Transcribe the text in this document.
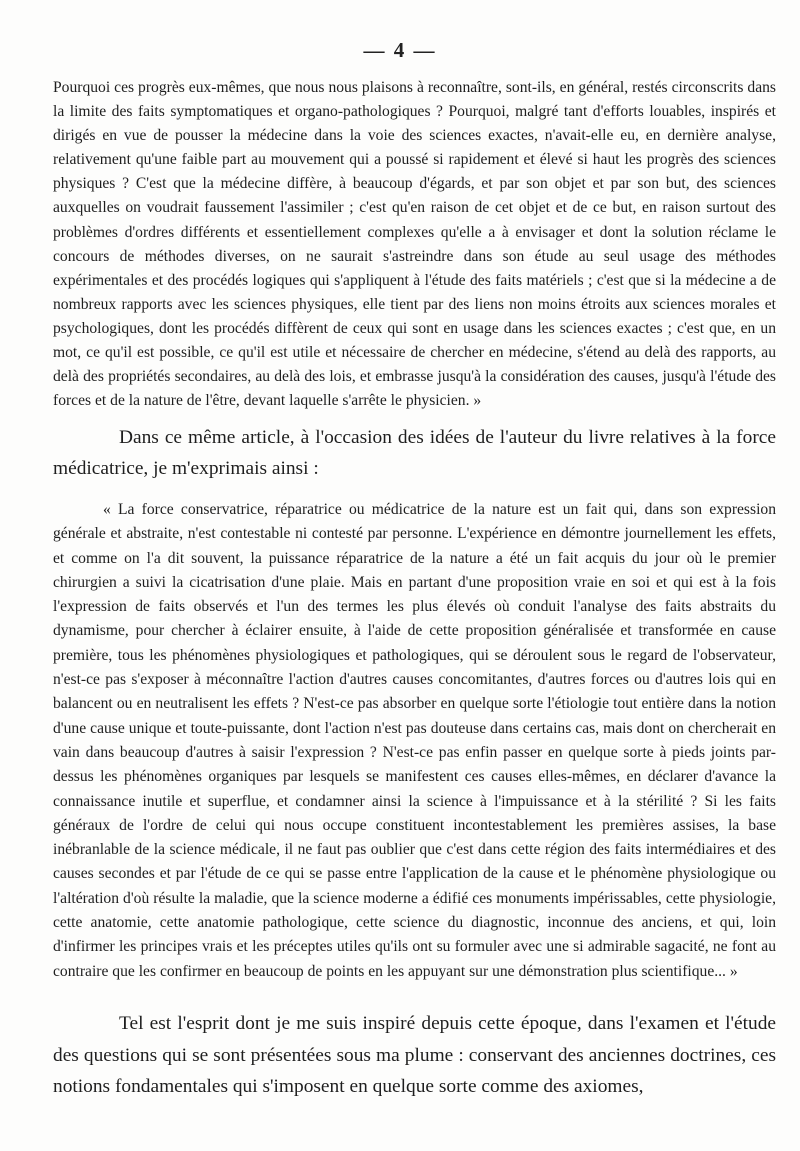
— 4 —

Pourquoi ces progrès eux-mêmes, que nous nous plaisons à reconnaître, sont-ils, en général, restés circonscrits dans la limite des faits symptomatiques et organo-pathologiques ? Pourquoi, malgré tant d'efforts louables, inspirés et dirigés en vue de pousser la médecine dans la voie des sciences exactes, n'avait-elle eu, en dernière analyse, relativement qu'une faible part au mouvement qui a poussé si rapidement et élevé si haut les progrès des sciences physiques ? C'est que la médecine diffère, à beaucoup d'égards, et par son objet et par son but, des sciences auxquelles on voudrait faussement l'assimiler ; c'est qu'en raison de cet objet et de ce but, en raison surtout des problèmes d'ordres différents et essentiellement complexes qu'elle a à envisager et dont la solution réclame le concours de méthodes diverses, on ne saurait s'astreindre dans son étude au seul usage des méthodes expérimentales et des procédés logiques qui s'appliquent à l'étude des faits matériels ; c'est que si la médecine a de nombreux rapports avec les sciences physiques, elle tient par des liens non moins étroits aux sciences morales et psychologiques, dont les procédés diffèrent de ceux qui sont en usage dans les sciences exactes ; c'est que, en un mot, ce qu'il est possible, ce qu'il est utile et nécessaire de chercher en médecine, s'étend au delà des rapports, au delà des propriétés secondaires, au delà des lois, et embrasse jusqu'à la considération des causes, jusqu'à l'étude des forces et de la nature de l'être, devant laquelle s'arrête le physicien. »

Dans ce même article, à l'occasion des idées de l'auteur du livre relatives à la force médicatrice, je m'exprimais ainsi :

« La force conservatrice, réparatrice ou médicatrice de la nature est un fait qui, dans son expression générale et abstraite, n'est contestable ni contesté par personne. L'expérience en démontre journellement les effets, et comme on l'a dit souvent, la puissance réparatrice de la nature a été un fait acquis du jour où le premier chirurgien a suivi la cicatrisation d'une plaie. Mais en partant d'une proposition vraie en soi et qui est à la fois l'expression de faits observés et l'un des termes les plus élevés où conduit l'analyse des faits abstraits du dynamisme, pour chercher à éclairer ensuite, à l'aide de cette proposition généralisée et transformée en cause première, tous les phénomènes physiologiques et pathologiques, qui se déroulent sous le regard de l'observateur, n'est-ce pas s'exposer à méconnaître l'action d'autres causes concomitantes, d'autres forces ou d'autres lois qui en balancent ou en neutralisent les effets ? N'est-ce pas absorber en quelque sorte l'étiologie tout entière dans la notion d'une cause unique et toute-puissante, dont l'action n'est pas douteuse dans certains cas, mais dont on chercherait en vain dans beaucoup d'autres à saisir l'expression ? N'est-ce pas enfin passer en quelque sorte à pieds joints par-dessus les phénomènes organiques par lesquels se manifestent ces causes elles-mêmes, en déclarer d'avance la connaissance inutile et superflue, et condamner ainsi la science à l'impuissance et à la stérilité ? Si les faits généraux de l'ordre de celui qui nous occupe constituent incontestablement les premières assises, la base inébranlable de la science médicale, il ne faut pas oublier que c'est dans cette région des faits intermédiaires et des causes secondes et par l'étude de ce qui se passe entre l'application de la cause et le phénomène physiologique ou l'altération d'où résulte la maladie, que la science moderne a édifié ces monuments impérissables, cette physiologie, cette anatomie, cette anatomie pathologique, cette science du diagnostic, inconnue des anciens, et qui, loin d'infirmer les principes vrais et les préceptes utiles qu'ils ont su formuler avec une si admirable sagacité, ne font au contraire que les confirmer en beaucoup de points en les appuyant sur une démonstration plus scientifique... »

Tel est l'esprit dont je me suis inspiré depuis cette époque, dans l'examen et l'étude des questions qui se sont présentées sous ma plume : conservant des anciennes doctrines, ces notions fondamentales qui s'imposent en quelque sorte comme des axiomes,
